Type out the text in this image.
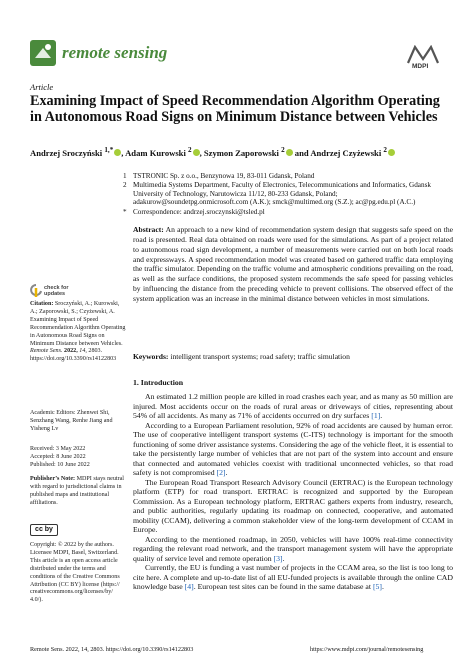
remote sensing
MDPI
Article
Examining Impact of Speed Recommendation Algorithm Operating in Autonomous Road Signs on Minimum Distance between Vehicles
Andrzej Sroczyński $^{1,*}$ , Adam Kurowski $^2$ , Szymon Zaporowski $^2$ and Andrzej Czyżewski $^2$
1 TSTRONIC Sp. z o.o., Benzynowa 19, 83-011 Gdansk, Poland
2 Multimedia Systems Department, Faculty of Electronics, Telecommunications and Informatics, Gdansk University of Technology, Narutowicza 11/12, 80-233 Gdansk, Poland; adakurow@soundetpg.onmicrosoft.com (A.K.); smck@multimed.org (S.Z.); ac@pg.edu.pl (A.C.)
* Correspondence: andrzej.sroczynski@tsled.pl
Abstract: An approach to a new kind of recommendation system design that suggests safe speed on the road is presented. Real data obtained on roads were used for the simulations. As part of a project related to autonomous road sign development, a number of measurements were carried out on both local roads and expressways. A speed recommendation model was created based on gathered traffic data employing the traffic simulator. Depending on the traffic volume and atmospheric conditions prevailing on the road, as well as the surface conditions, the proposed system recommends the safe speed for passing vehicles by influencing the distance from the preceding vehicle to prevent collisions. The observed effect of the system application was an increase in the minimal distance between vehicles in most simulations.
Keywords: intelligent transport systems; road safety; traffic simulation
check for
updates
Citation: Sroczyński, A.; Kurowski, A.; Zaporowski, S.; Czyżewski, A. Examining Impact of Speed Recommendation Algorithm Operating in Autonomous Road Signs on Minimum Distance between Vehicles. Remote Sens. 2022, 14, 2803. https://doi.org/10.3390/rs14122803
Academic Editors: Zhenwei Shi, Senzhang Wang, Renhe Jiang and Yisheng Lv
Received: 3 May 2022
Accepted: 8 June 2022
Published: 10 June 2022
Publisher’s Note: MDPI stays neutral with regard to jurisdictional claims in published maps and institutional affiliations.
cc by
Copyright: © 2022 by the authors. Licensee MDPI, Basel, Switzerland. This article is an open access article distributed under the terms and conditions of the Creative Commons Attribution (CC BY) license (https:// creativecommons.org/licenses/by/ 4.0/).
1. Introduction

An estimated 1.2 million people are killed in road crashes each year, and as many as 50 million are injured. Most accidents occur on the roads of rural areas or driveways of cities, representing about 54% of all accidents. As many as 71% of accidents occurred on dry surfaces [1].

According to a European Parliament resolution, 92% of road accidents are caused by human error. The use of cooperative intelligent transport systems (C-ITS) technology is important for the smooth functioning of some driver assistance systems. Considering the age of the vehicle fleet, it is essential to take the persistently large number of vehicles that are not part of the system into account and ensure that connected and automated vehicles coexist with traditional unconnected vehicles, so that road safety is not compromised [2].

The European Road Transport Research Advisory Council (ERTRAC) is the European technology platform (ETP) for road transport. ERTRAC is recognized and supported by the European Commission. As a European technology platform, ERTRAC gathers experts from industry, research, and public authorities, regularly updating its roadmap on connected, cooperative, and automated mobility (CCAM), delivering a common stakeholder view of the long-term development of CCAM in Europe.

According to the mentioned roadmap, in 2050, vehicles will have 100% real-time connectivity regarding the relevant road network, and the transport management system will have the appropriate quality of service level and remote operation [3].

Currently, the EU is funding a vast number of projects in the CCAM area, so the list is too long to cite here. A complete and up-to-date list of all EU-funded projects is available through the online CAD knowledge base [4]. European test sites can be found in the same database at [5].

Remote Sens. 2022, 14, 2803. https://doi.org/10.3390/rs14122803	https://www.mdpi.com/journal/remotesensing
